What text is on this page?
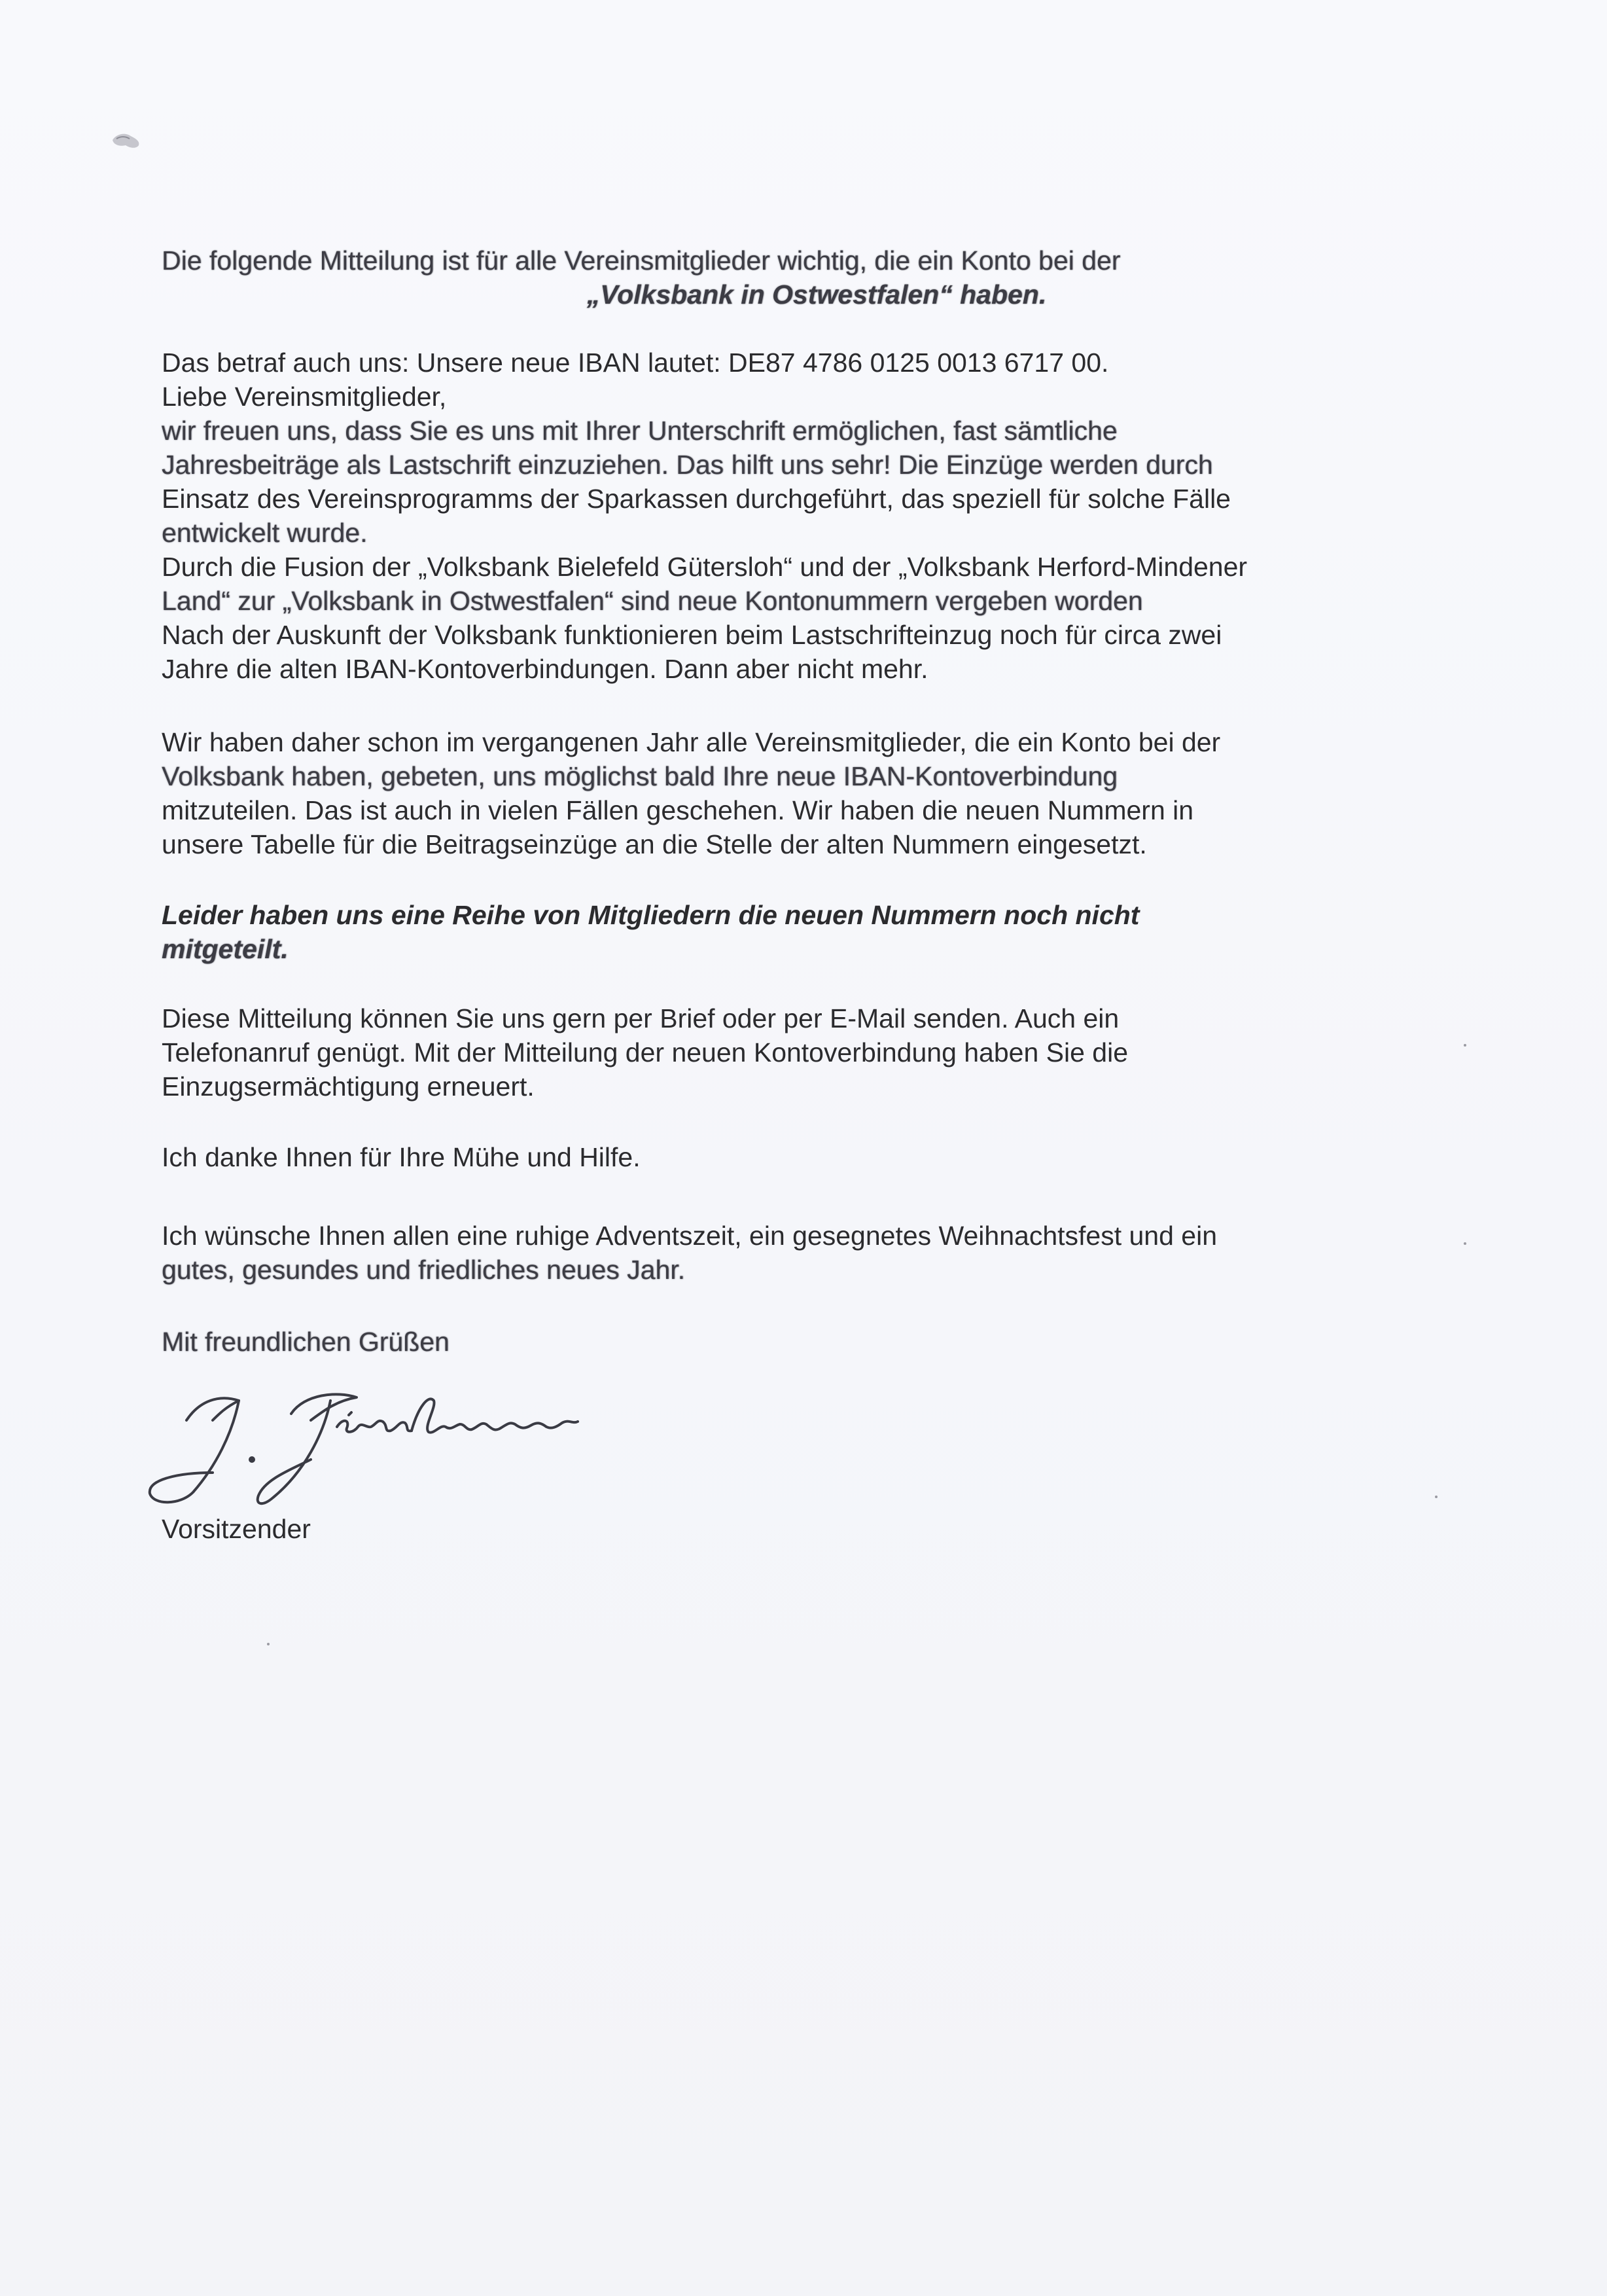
Die folgende Mitteilung ist für alle Vereinsmitglieder wichtig, die ein Konto bei der
„Volksbank in Ostwestfalen“ haben.
Das betraf auch uns: Unsere neue IBAN lautet: DE87 4786 0125 0013 6717 00.
Liebe Vereinsmitglieder,
wir freuen uns, dass Sie es uns mit Ihrer Unterschrift ermöglichen, fast sämtliche
Jahresbeiträge als Lastschrift einzuziehen. Das hilft uns sehr! Die Einzüge werden durch
Einsatz des Vereinsprogramms der Sparkassen durchgeführt, das speziell für solche Fälle
entwickelt wurde.
Durch die Fusion der „Volksbank Bielefeld Gütersloh“ und der „Volksbank Herford-Mindener
Land“ zur „Volksbank in Ostwestfalen“ sind neue Kontonummern vergeben worden
Nach der Auskunft der Volksbank funktionieren beim Lastschrifteinzug noch für circa zwei
Jahre die alten IBAN-Kontoverbindungen. Dann aber nicht mehr.
Wir haben daher schon im vergangenen Jahr alle Vereinsmitglieder, die ein Konto bei der
Volksbank haben, gebeten, uns möglichst bald Ihre neue IBAN-Kontoverbindung
mitzuteilen. Das ist auch in vielen Fällen geschehen. Wir haben die neuen Nummern in
unsere Tabelle für die Beitragseinzüge an die Stelle der alten Nummern eingesetzt.
Leider haben uns eine Reihe von Mitgliedern die neuen Nummern noch nicht
mitgeteilt.
Diese Mitteilung können Sie uns gern per Brief oder per E-Mail senden. Auch ein
Telefonanruf genügt. Mit der Mitteilung der neuen Kontoverbindung haben Sie die
Einzugsermächtigung erneuert.
Ich danke Ihnen für Ihre Mühe und Hilfe.
Ich wünsche Ihnen allen eine ruhige Adventszeit, ein gesegnetes Weihnachtsfest und ein
gutes, gesundes und friedliches neues Jahr.
Mit freundlichen Grüßen
Vorsitzender
